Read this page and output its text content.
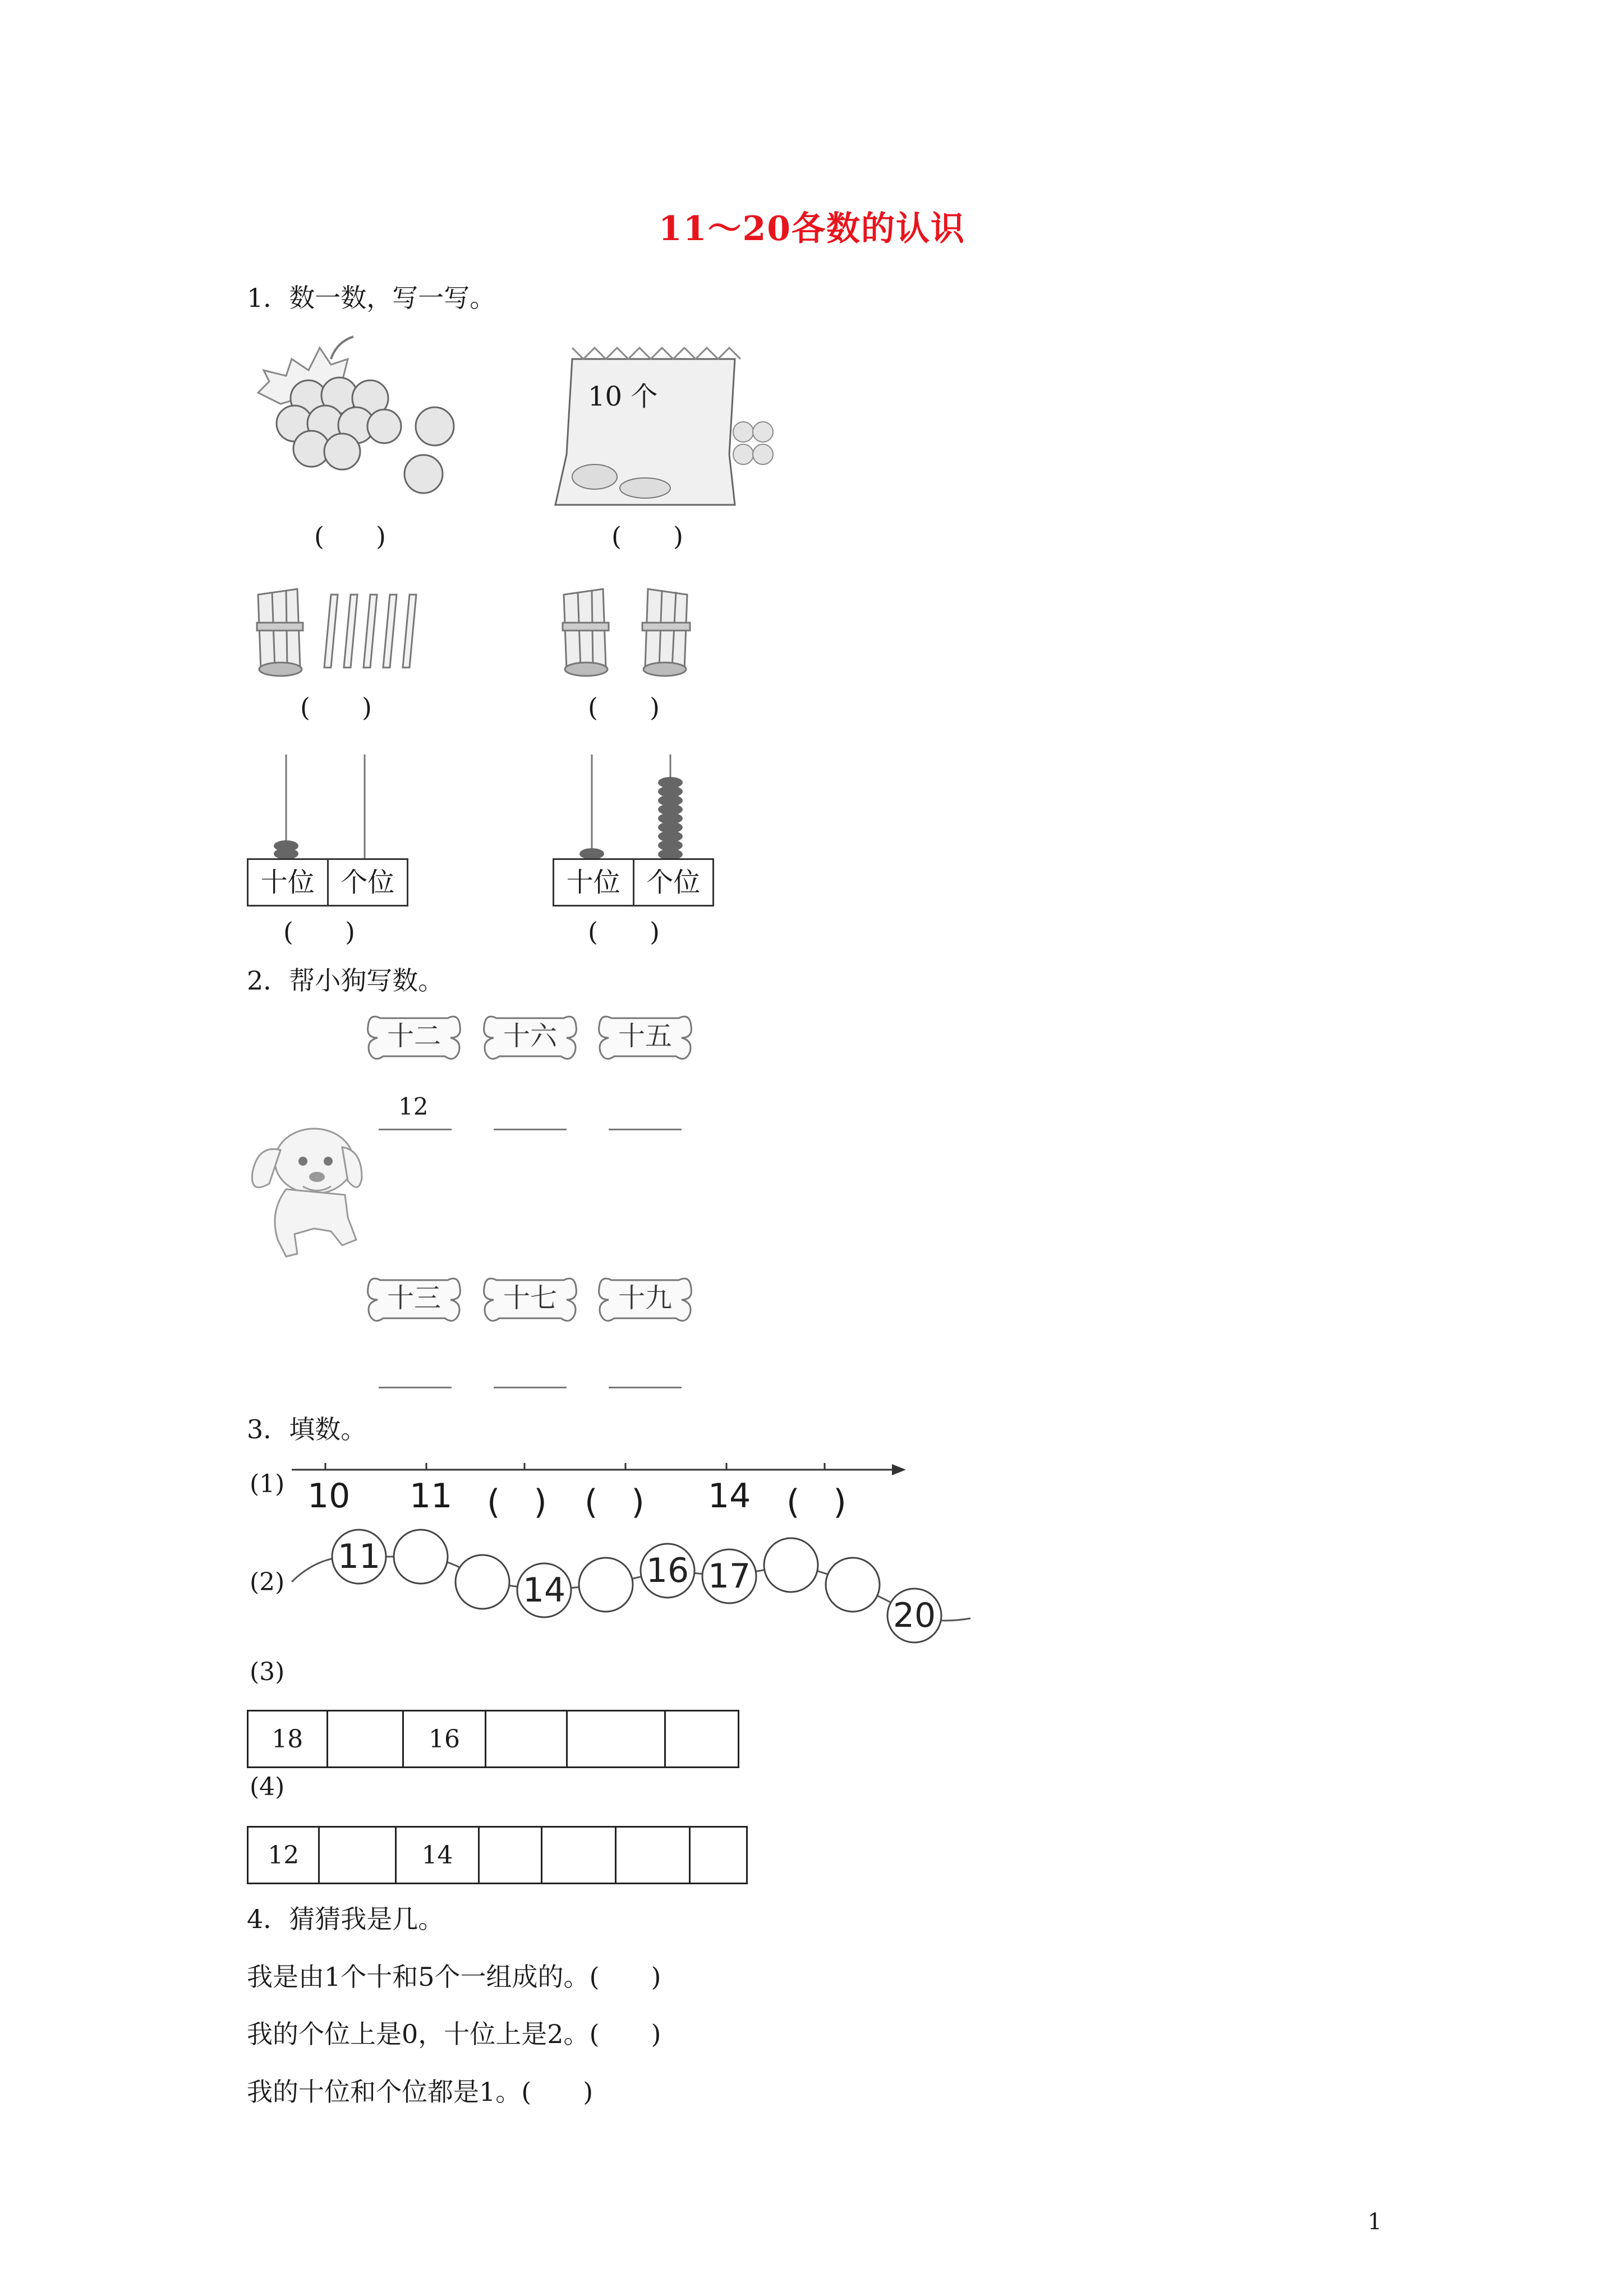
11～20各数的认识
1．数一数，写一写。
(　　)
10 个
(　　)
(　　)	(　　)
十位 个位
(　　)
十位 个位
(　　)
2．帮小狗写数。
十二 十六 十五
12
十三 十七 十九
3．填数。
(1) 10 11 (　) (　) 14 (　)
(2)
11
14 16 17
20
(3)
18		16			
(4)
12		14				
4．猜猜我是几。
我是由1个十和5个一组成的。(　　)
我的个位上是0，十位上是2。(　　)
我的十位和个位都是1。(　　)
1
